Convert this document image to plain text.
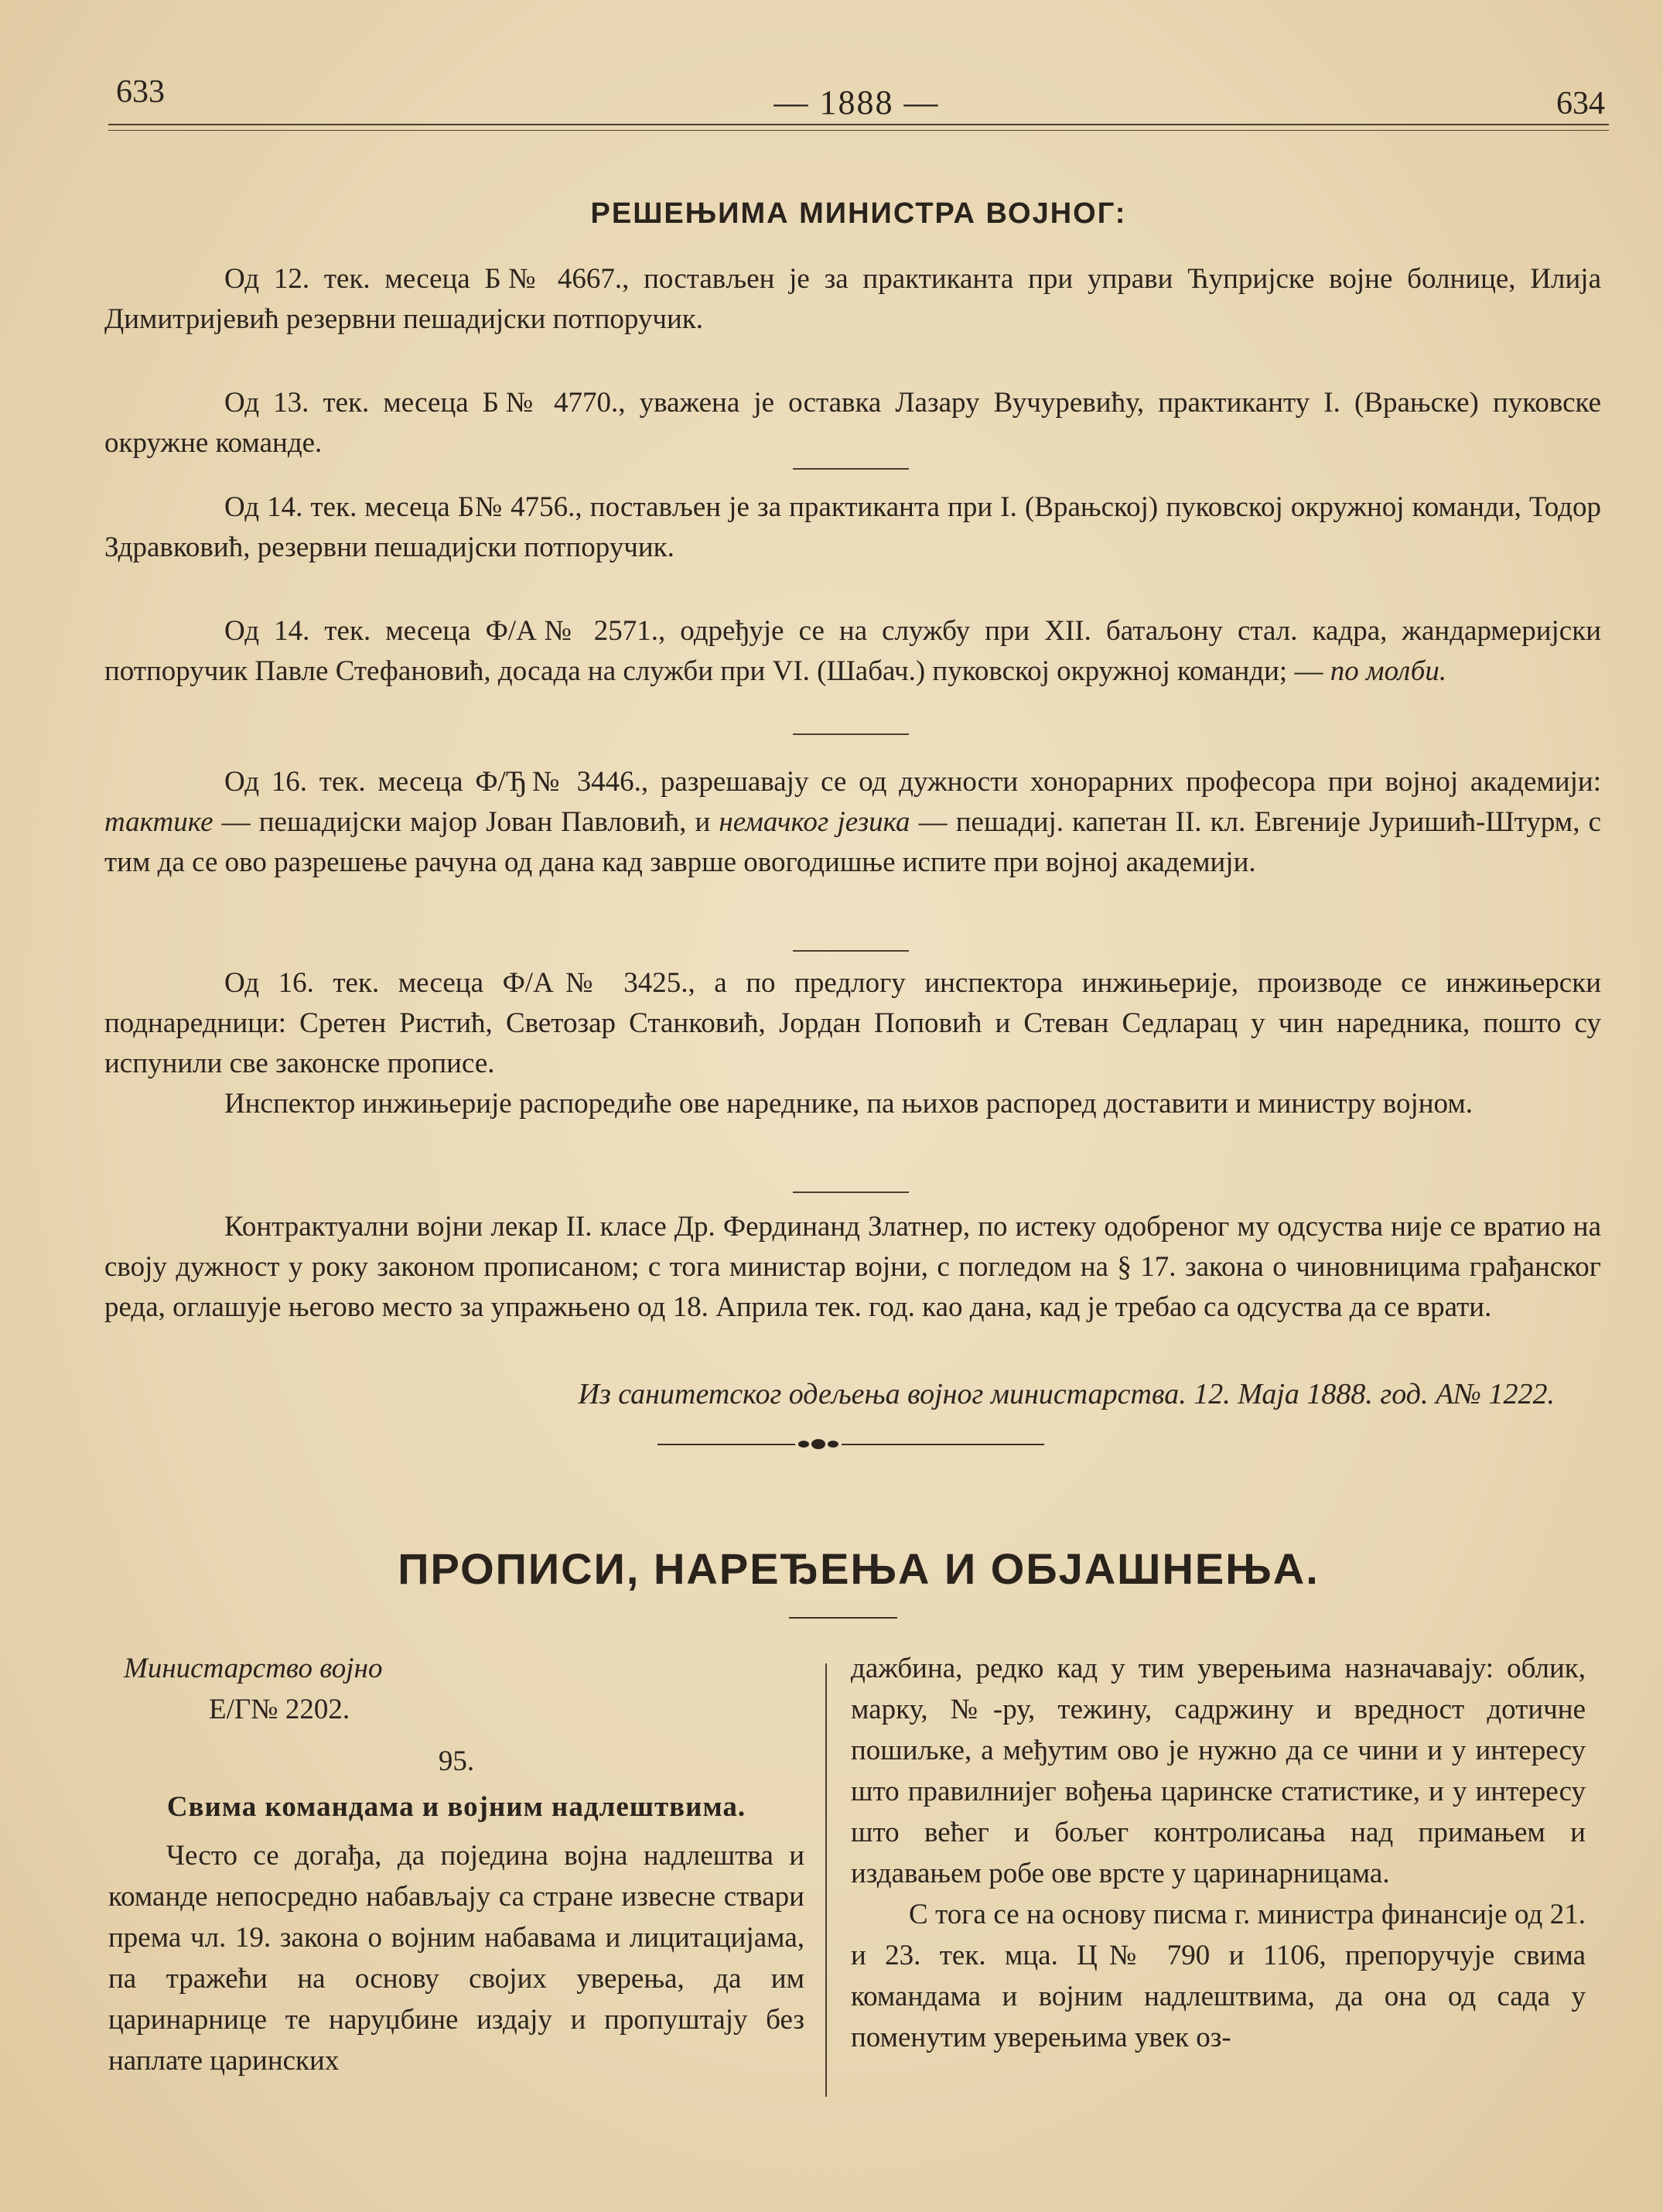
633	— 1888 —	634
РЕШЕЊИМА МИНИСТРА ВОЈНОГ:

Од 12. тек. месеца Б№ 4667., постављен је за практиканта при управи Ћупријске војне болнице, Илија Димитријевић резервни пешадијски потпоручик.

Од 13. тек. месеца Б№ 4770., уважена је оставка Лазару Вучуревићу, практиканту I. (Врањске) пуковске окружне команде.

Од 14. тек. месеца Б№ 4756., постављен је за практиканта при I. (Врањској) пуковској окружној команди, Тодор Здравковић, резервни пешадијски потпоручик.

Од 14. тек. месеца Ф/А№ 2571., одређује се на службу при XII. батаљону стал. кадра, жандармеријски потпоручик Павле Стефановић, досада на служби при VI. (Шабач.) пуковској окружној команди; — по молби.

Од 16. тек. месеца Ф/Ђ№ 3446., разрешавају се од дужности хонорарних професора при војној академији: тактике — пешадијски мајор Јован Павловић, и немачког језика — пешадиј. капетан II. кл. Евгеније Јуришић-Штурм, с тим да се ово разрешење рачуна од дана кад заврше овогодишње испите при војној академији.

Од 16. тек. месеца Ф/А№ 3425., а по предлогу инспектора инжињерије, производе се инжињерски поднаредници: Сретен Ристић, Светозар Станковић, Јордан Поповић и Стеван Седларац у чин наредника, пошто су испунили све законске прописе.

Инспектор инжињерије распоредиће ове нареднике, па њихов распоред доставити и министру војном.

Контрактуални војни лекар II. класе Др. Фердинанд Златнер, по истеку одобреног му одсуства није се вратио на своју дужност у року законом прописаном; с тога министар војни, с погледом на § 17. закона о чиновницима грађанског реда, оглашује његово место за упражњено од 18. Априла тек. год. као дана, кад је требао са одсуства да се врати.

Из санитетског одељења војног министарства. 12. Маја 1888. год. А№ 1222.
ПРОПИСИ, НАРЕЂЕЊА И ОБЈАШНЕЊА.
Министарство војно
Е/Г№ 2202.
95.
Свима командама и војним надлештвима.

Често се догађа, да поједина војна надлештва и команде непосредно набављају са стране извесне ствари према чл. 19. закона о војним набавама и лицитацијама, па тражећи на основу својих уверења, да им царинарнице те наруџбине издају и пропуштају без наплате царинских

дажбина, редко кад у тим уверењима назначавају: облик, марку, №-ру, тежину, садржину и вредност дотичне пошиљке, а међутим ово је нужно да се чини и у интересу што правилнијег вођења царинске статистике, и у интересу што већег и бољег контролисања над примањем и издавањем робе ове врсте у царинарницама.

С тога се на основу писма г. министра финансије од 21. и 23. тек. мца. Ц№ 790 и 1106, препоручује свима командама и војним надлештвима, да она од сада у поменутим уверењима увек оз-
